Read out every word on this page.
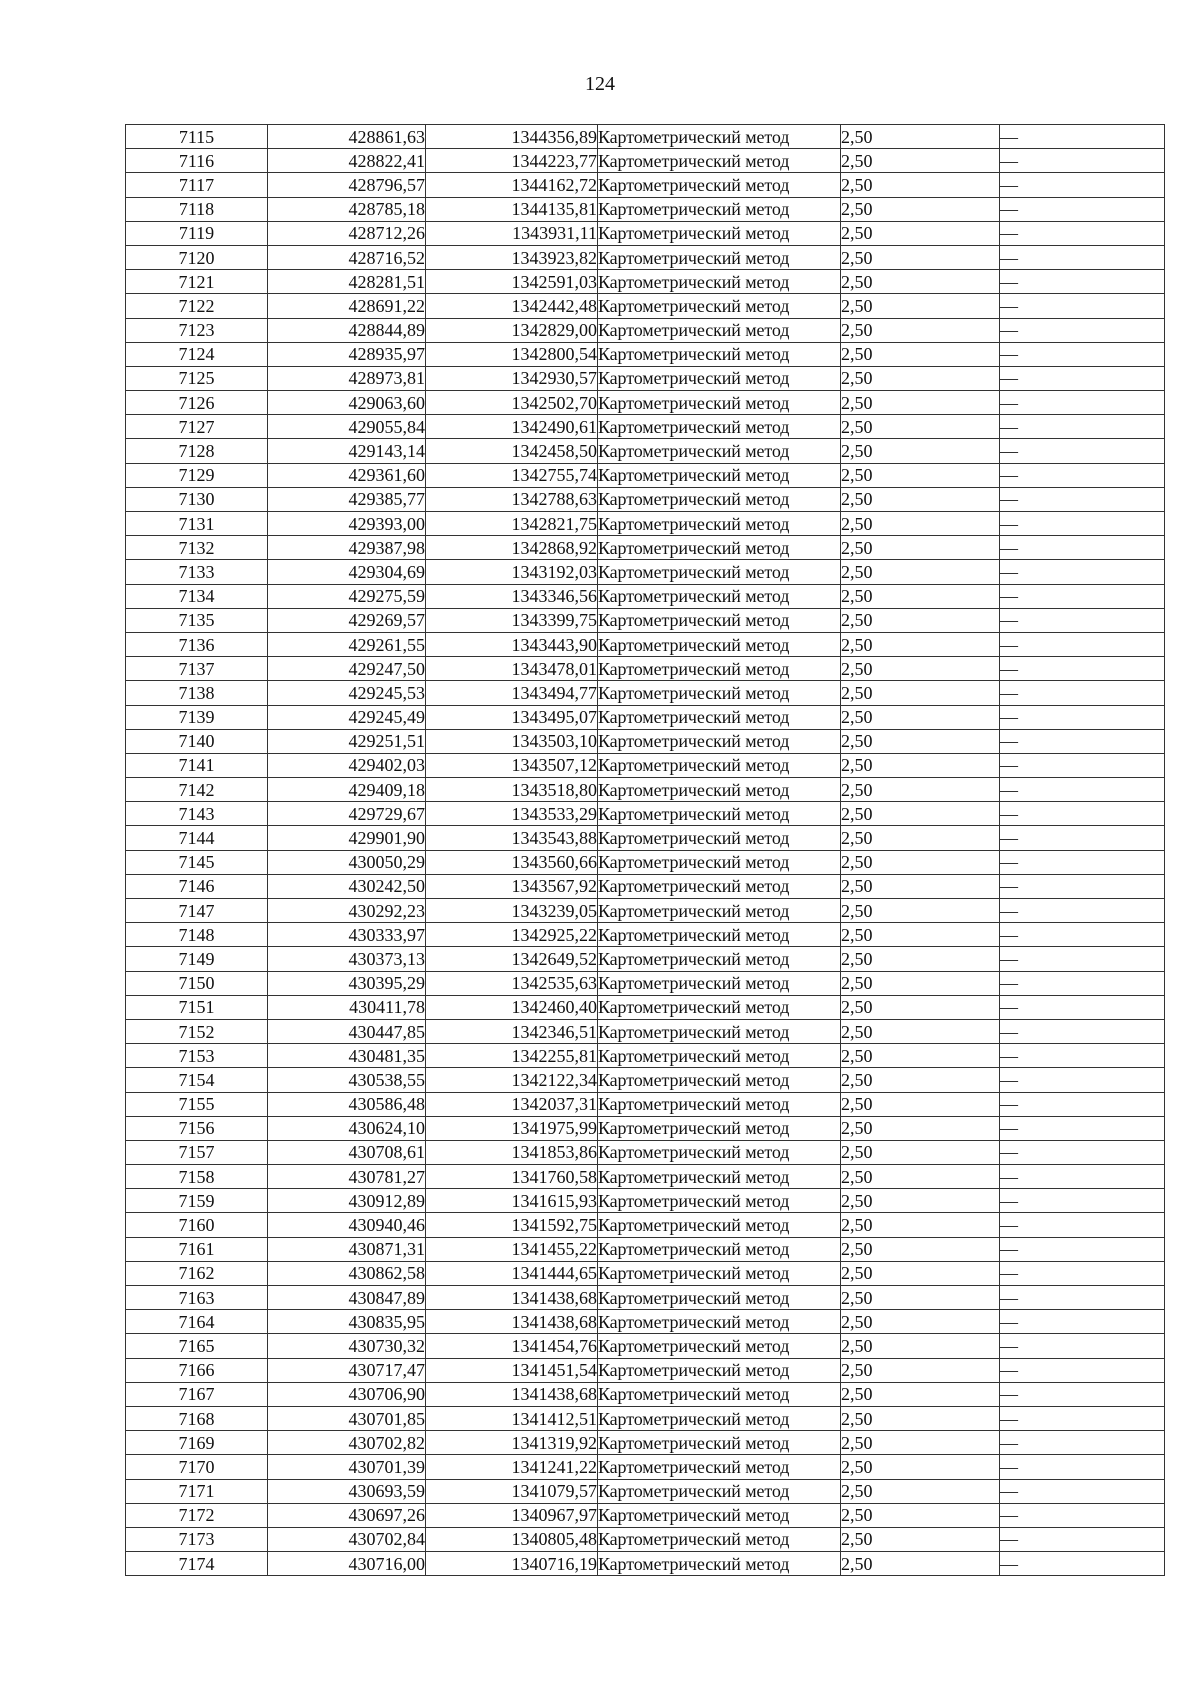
124
7115	428861,63	1344356,89	Картометрический метод	2,50	—
7116	428822,41	1344223,77	Картометрический метод	2,50	—
7117	428796,57	1344162,72	Картометрический метод	2,50	—
7118	428785,18	1344135,81	Картометрический метод	2,50	—
7119	428712,26	1343931,11	Картометрический метод	2,50	—
7120	428716,52	1343923,82	Картометрический метод	2,50	—
7121	428281,51	1342591,03	Картометрический метод	2,50	—
7122	428691,22	1342442,48	Картометрический метод	2,50	—
7123	428844,89	1342829,00	Картометрический метод	2,50	—
7124	428935,97	1342800,54	Картометрический метод	2,50	—
7125	428973,81	1342930,57	Картометрический метод	2,50	—
7126	429063,60	1342502,70	Картометрический метод	2,50	—
7127	429055,84	1342490,61	Картометрический метод	2,50	—
7128	429143,14	1342458,50	Картометрический метод	2,50	—
7129	429361,60	1342755,74	Картометрический метод	2,50	—
7130	429385,77	1342788,63	Картометрический метод	2,50	—
7131	429393,00	1342821,75	Картометрический метод	2,50	—
7132	429387,98	1342868,92	Картометрический метод	2,50	—
7133	429304,69	1343192,03	Картометрический метод	2,50	—
7134	429275,59	1343346,56	Картометрический метод	2,50	—
7135	429269,57	1343399,75	Картометрический метод	2,50	—
7136	429261,55	1343443,90	Картометрический метод	2,50	—
7137	429247,50	1343478,01	Картометрический метод	2,50	—
7138	429245,53	1343494,77	Картометрический метод	2,50	—
7139	429245,49	1343495,07	Картометрический метод	2,50	—
7140	429251,51	1343503,10	Картометрический метод	2,50	—
7141	429402,03	1343507,12	Картометрический метод	2,50	—
7142	429409,18	1343518,80	Картометрический метод	2,50	—
7143	429729,67	1343533,29	Картометрический метод	2,50	—
7144	429901,90	1343543,88	Картометрический метод	2,50	—
7145	430050,29	1343560,66	Картометрический метод	2,50	—
7146	430242,50	1343567,92	Картометрический метод	2,50	—
7147	430292,23	1343239,05	Картометрический метод	2,50	—
7148	430333,97	1342925,22	Картометрический метод	2,50	—
7149	430373,13	1342649,52	Картометрический метод	2,50	—
7150	430395,29	1342535,63	Картометрический метод	2,50	—
7151	430411,78	1342460,40	Картометрический метод	2,50	—
7152	430447,85	1342346,51	Картометрический метод	2,50	—
7153	430481,35	1342255,81	Картометрический метод	2,50	—
7154	430538,55	1342122,34	Картометрический метод	2,50	—
7155	430586,48	1342037,31	Картометрический метод	2,50	—
7156	430624,10	1341975,99	Картометрический метод	2,50	—
7157	430708,61	1341853,86	Картометрический метод	2,50	—
7158	430781,27	1341760,58	Картометрический метод	2,50	—
7159	430912,89	1341615,93	Картометрический метод	2,50	—
7160	430940,46	1341592,75	Картометрический метод	2,50	—
7161	430871,31	1341455,22	Картометрический метод	2,50	—
7162	430862,58	1341444,65	Картометрический метод	2,50	—
7163	430847,89	1341438,68	Картометрический метод	2,50	—
7164	430835,95	1341438,68	Картометрический метод	2,50	—
7165	430730,32	1341454,76	Картометрический метод	2,50	—
7166	430717,47	1341451,54	Картометрический метод	2,50	—
7167	430706,90	1341438,68	Картометрический метод	2,50	—
7168	430701,85	1341412,51	Картометрический метод	2,50	—
7169	430702,82	1341319,92	Картометрический метод	2,50	—
7170	430701,39	1341241,22	Картометрический метод	2,50	—
7171	430693,59	1341079,57	Картометрический метод	2,50	—
7172	430697,26	1340967,97	Картометрический метод	2,50	—
7173	430702,84	1340805,48	Картометрический метод	2,50	—
7174	430716,00	1340716,19	Картометрический метод	2,50	—
